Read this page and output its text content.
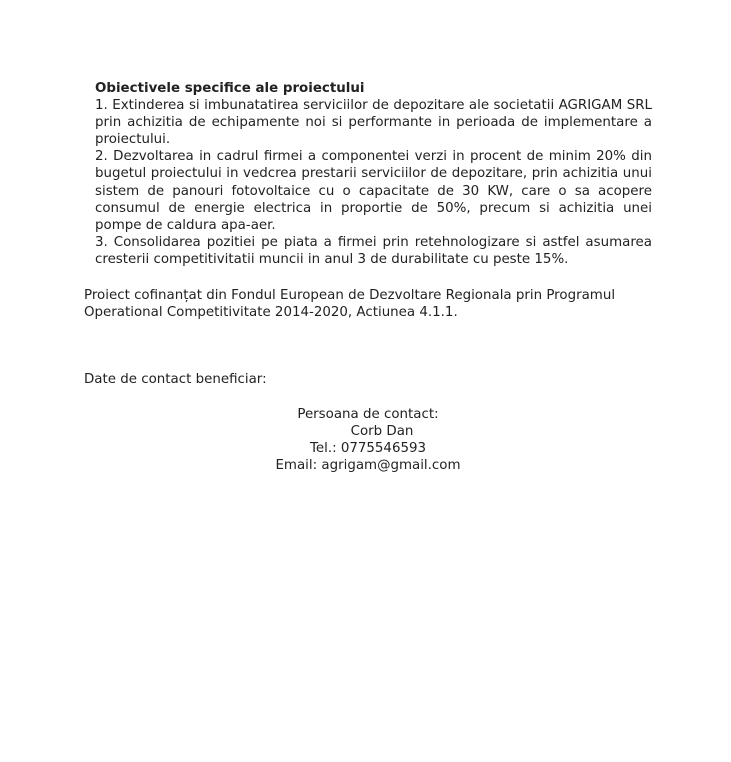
Obiectivele specifice ale proiectului

1. Extinderea si imbunatatirea serviciilor de depozitare ale societatii AGRIGAM SRL prin achizitia de echipamente noi si performante in perioada de implementare a proiectului.

2. Dezvoltarea in cadrul firmei a componentei verzi in procent de minim 20% din bugetul proiectului in vedcrea prestarii serviciilor de depozitare, prin achizitia unui sistem de panouri fotovoltaice cu o capacitate de 30 KW, care o sa acopere consumul de energie electrica in proportie de 50%, precum si achizitia unei pompe de caldura apa-aer.

3. Consolidarea pozitiei pe piata a firmei prin retehnologizare si astfel asumarea cresterii competitivitatii muncii in anul 3 de durabilitate cu peste 15%.

Proiect cofinanțat din Fondul European de Dezvoltare Regionala prin Programul Operational Competitivitate 2014-2020, Actiunea 4.1.1.

Date de contact beneficiar:

Persoana de contact:
Corb Dan
Tel.: 0775546593
Email: agrigam@gmail.com
